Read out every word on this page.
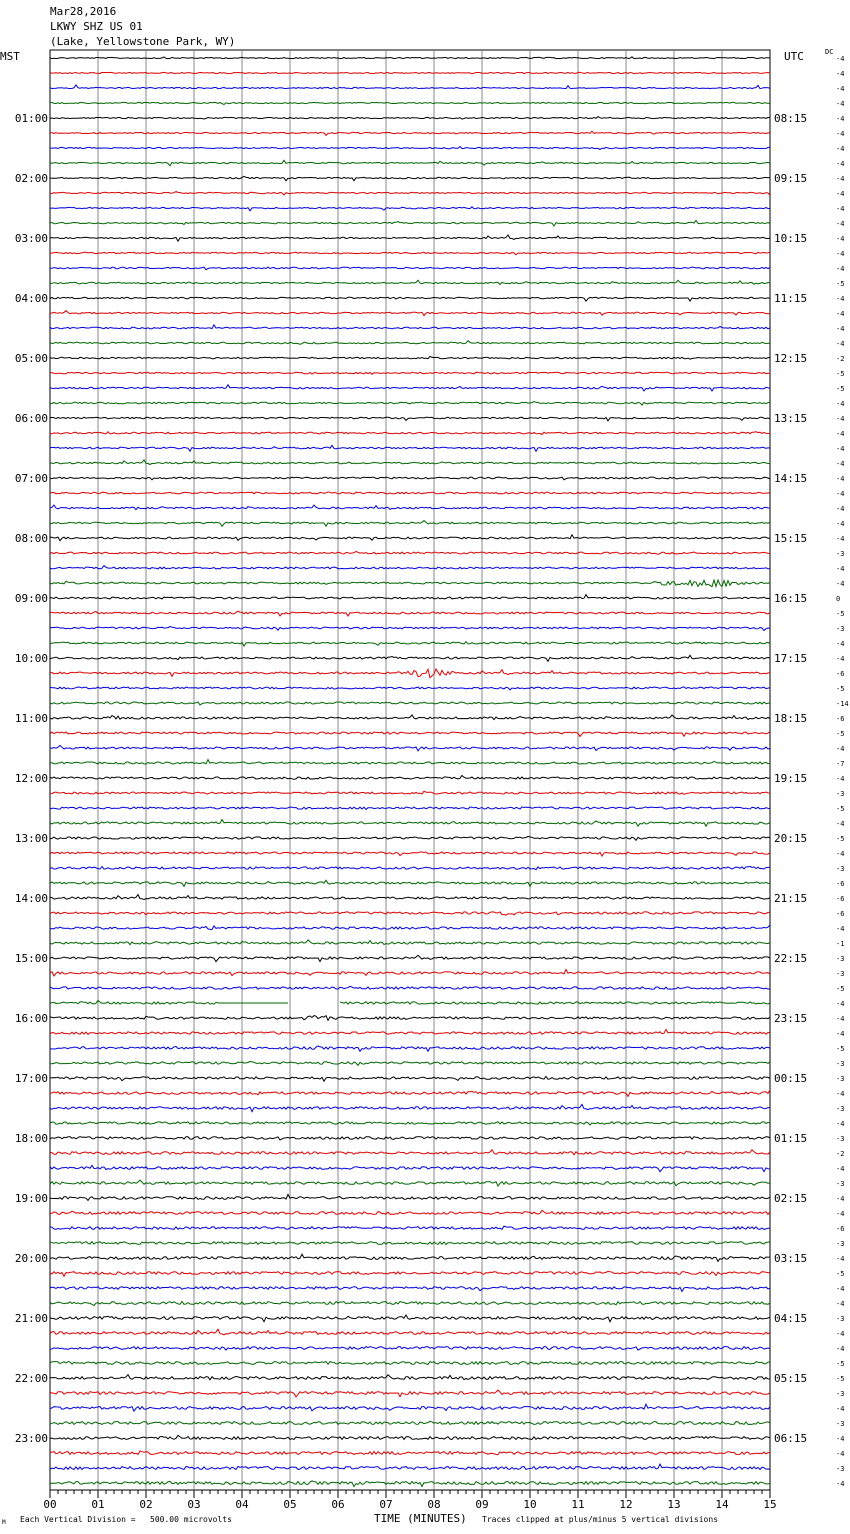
Mar28,2016
LKWY SHZ US 01
(Lake, Yellowstone Park, WY)
MST	UTC	DC
01:00	08:15
02:00	09:15
03:00	10:15
04:00	11:15
05:00	12:15
06:00	13:15
07:00	14:15
08:00	15:15
09:00	16:15
10:00	17:15
11:00	18:15
12:00	19:15
13:00	20:15
14:00	21:15
15:00	22:15
16:00	23:15
17:00	00:15
18:00	01:15
19:00	02:15
20:00	03:15
21:00	04:15
22:00	05:15
23:00	06:15
-4
-4
-4
-4
-4
-4
-4
-4
-4
-4
-4
-4
-4
-4
-4
-5
-4
-4
-4
-4
-2
-5
-5
-4
-4
-4
-4
-4
-4
-4
-4
-4
-4
-3
-4
-4
0
-5
-3
-4
-4
-6
-5
-14
-6
-5
-4
-7
-4
-3
-5
-4
-5
-4
-3
-6
-6
-6
-4
-1
-3
-3
-5
-4
-4
-4
-5
-3
-3
-4
-3
-4
-3
-2
-4
-3
-4
-4
-6
-3
-4
-5
-4
-4
-3
-4
-4
-5
-5
-3
-4
-3
-4
-4
-3
-4
00	01	02	03	04	05	06	07	08	09	10	11	12	13	14	15
M Each Vertical Division =   500.00 microvolts	TIME (MINUTES) Traces clipped at plus/minus 5 vertical divisions
